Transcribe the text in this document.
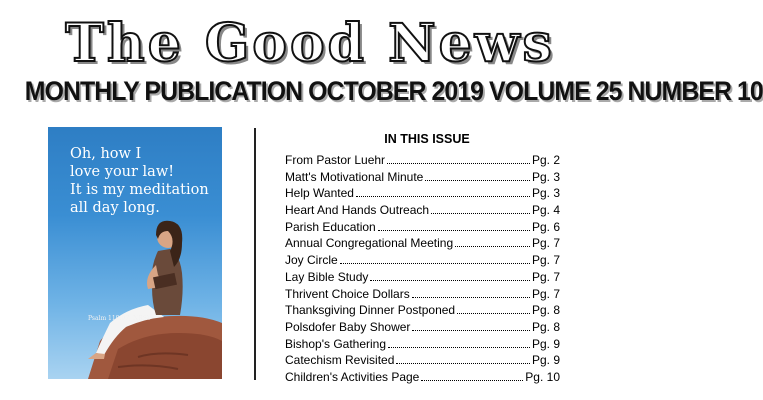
The Good News
MONTHLY PUBLICATION OCTOBER 2019 VOLUME 25 NUMBER 10
Oh, how I
love your law!
It is my meditation
all day long.
Psalm 119:97, NRSV
IN THIS ISSUE
From Pastor Luehr	Pg. 2
Matt's Motivational Minute	Pg. 3
Help Wanted	Pg. 3
Heart And Hands Outreach	Pg. 4
Parish Education	Pg. 6
Annual Congregational Meeting	Pg. 7
Joy Circle	Pg. 7
Lay Bible Study	Pg. 7
Thrivent Choice Dollars	Pg. 7
Thanksgiving Dinner Postponed	Pg. 8
Polsdofer Baby Shower	Pg. 8
Bishop's Gathering	Pg. 9
Catechism Revisited	Pg. 9
Children's Activities Page	Pg. 10
